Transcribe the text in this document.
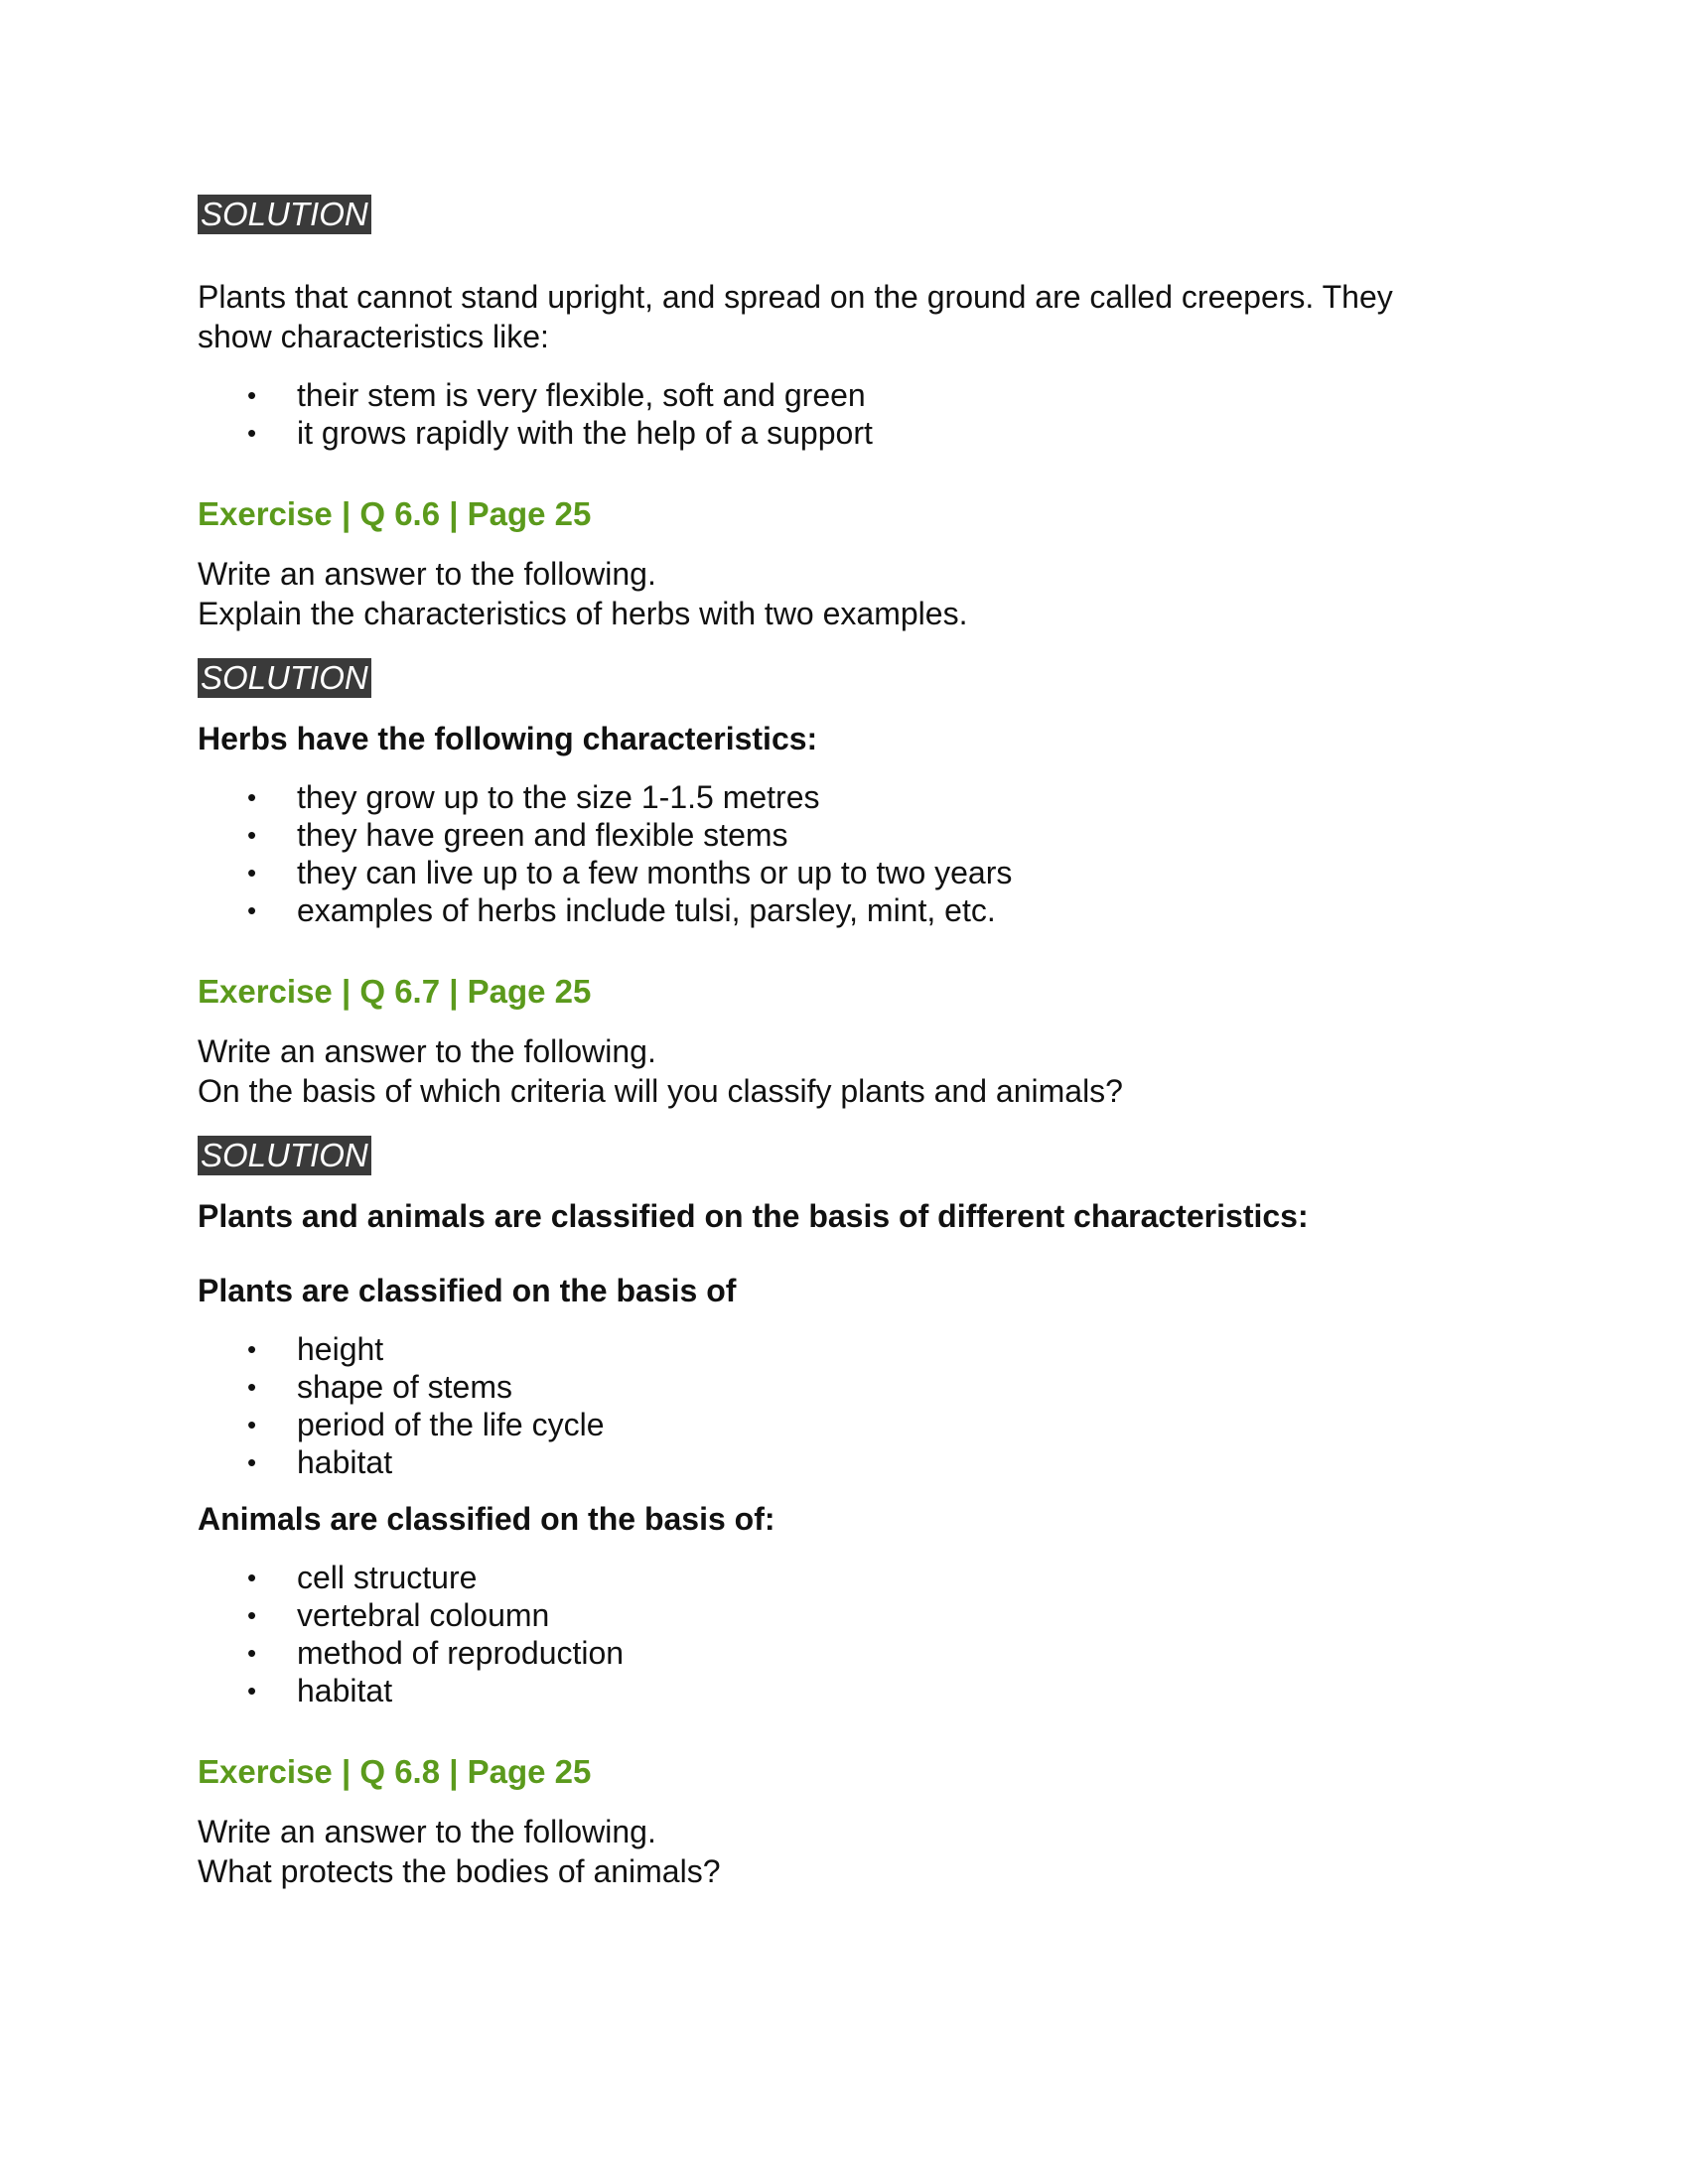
SOLUTION

Plants that cannot stand upright, and spread on the ground are called creepers. They

show characteristics like:

• their stem is very flexible, soft and green
• it grows rapidly with the help of a support

Exercise | Q 6.6 | Page 25

Write an answer to the following.

Explain the characteristics of herbs with two examples.

SOLUTION

Herbs have the following characteristics:

• they grow up to the size 1-1.5 metres
• they have green and flexible stems
• they can live up to a few months or up to two years
• examples of herbs include tulsi, parsley, mint, etc.

Exercise | Q 6.7 | Page 25

Write an answer to the following.

On the basis of which criteria will you classify plants and animals?

SOLUTION

Plants and animals are classified on the basis of different characteristics:

Plants are classified on the basis of

• height
• shape of stems
• period of the life cycle
• habitat

Animals are classified on the basis of:

• cell structure
• vertebral coloumn
• method of reproduction
• habitat

Exercise | Q 6.8 | Page 25

Write an answer to the following.

What protects the bodies of animals?
